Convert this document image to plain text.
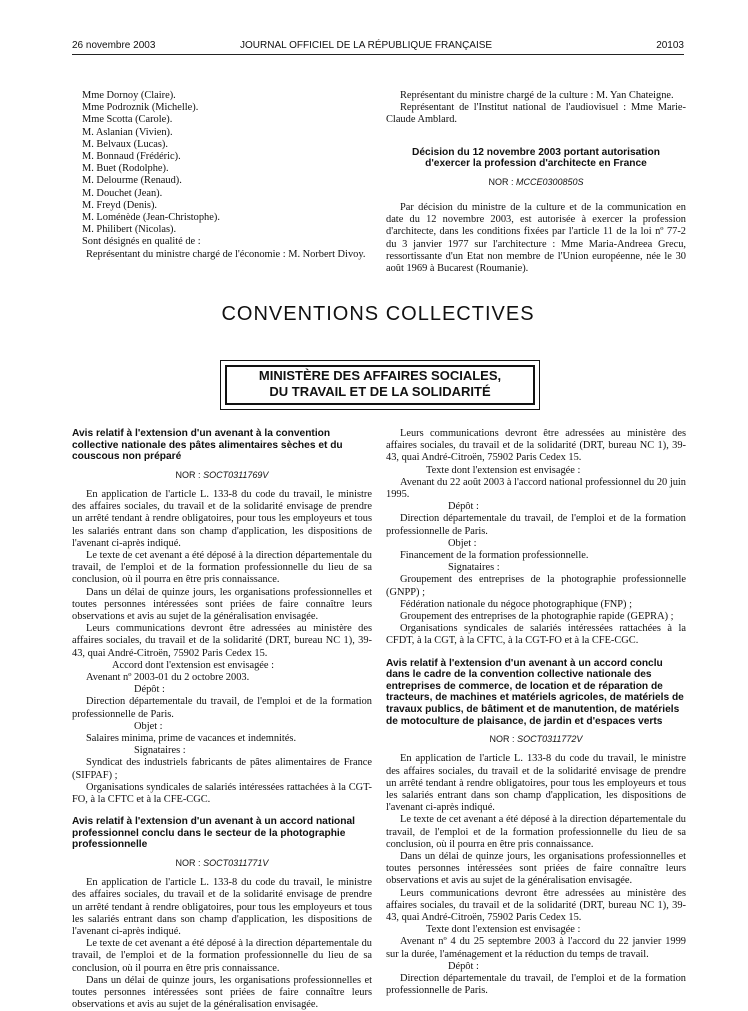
26 novembre 2003	JOURNAL OFFICIEL DE LA RÉPUBLIQUE FRANÇAISE	20103

Mme Dornoy (Claire).

Mme Podroznik (Michelle).

Mme Scotta (Carole).

M. Aslanian (Vivien).

M. Belvaux (Lucas).

M. Bonnaud (Frédéric).

M. Buet (Rodolphe).

M. Delourme (Renaud).

M. Douchet (Jean).

M. Freyd (Denis).

M. Loménède (Jean-Christophe).

M. Philibert (Nicolas).

Sont désignés en qualité de :

Représentant du ministre chargé de l'économie : M. Norbert Divoy.

Représentant du ministre chargé de la culture : M. Yan Chateigne.

Représentant de l'Institut national de l'audiovisuel : Mme Marie-Claude Amblard.

Décision du 12 novembre 2003 portant autorisation d'exercer la profession d'architecte en France
NOR : MCCE0300850S

Par décision du ministre de la culture et de la communication en date du 12 novembre 2003, est autorisée à exercer la profession d'architecte, dans les conditions fixées par l'article 11 de la loi nº 77-2 du 3 janvier 1977 sur l'architecture : Mme Maria-Andreea Grecu, ressortissante d'un Etat non membre de l'Union européenne, née le 30 août 1969 à Bucarest (Roumanie).

CONVENTIONS COLLECTIVES
MINISTÈRE DES AFFAIRES SOCIALES,
DU TRAVAIL ET DE LA SOLIDARITÉ
Avis relatif à l'extension d'un avenant à la convention collective nationale des pâtes alimentaires sèches et du couscous non préparé
NOR : SOCT0311769V

En application de l'article L. 133-8 du code du travail, le ministre des affaires sociales, du travail et de la solidarité envisage de prendre un arrêté tendant à rendre obligatoires, pour tous les employeurs et tous les salariés entrant dans son champ d'application, les dispositions de l'avenant ci-après indiqué.

Le texte de cet avenant a été déposé à la direction départementale du travail, de l'emploi et de la formation professionnelle du lieu de sa conclusion, où il pourra en être pris connaissance.

Dans un délai de quinze jours, les organisations professionnelles et toutes personnes intéressées sont priées de faire connaître leurs observations et avis au sujet de la généralisation envisagée.

Leurs communications devront être adressées au ministère des affaires sociales, du travail et de la solidarité (DRT, bureau NC 1), 39-43, quai André-Citroën, 75902 Paris Cedex 15.

Accord dont l'extension est envisagée :

Avenant nº 2003-01 du 2 octobre 2003.

Dépôt :

Direction départementale du travail, de l'emploi et de la formation professionnelle de Paris.

Objet :

Salaires minima, prime de vacances et indemnités.

Signataires :

Syndicat des industriels fabricants de pâtes alimentaires de France (SIFPAF) ;

Organisations syndicales de salariés intéressées rattachées à la CGT-FO, à la CFTC et à la CFE-CGC.

Avis relatif à l'extension d'un avenant à un accord national professionnel conclu dans le secteur de la photographie professionnelle
NOR : SOCT0311771V

En application de l'article L. 133-8 du code du travail, le ministre des affaires sociales, du travail et de la solidarité envisage de prendre un arrêté tendant à rendre obligatoires, pour tous les employeurs et tous les salariés entrant dans son champ d'application, les dispositions de l'avenant ci-après indiqué.

Le texte de cet avenant a été déposé à la direction départementale du travail, de l'emploi et de la formation professionnelle du lieu de sa conclusion, où il pourra en être pris connaissance.

Dans un délai de quinze jours, les organisations professionnelles et toutes personnes intéressées sont priées de faire connaître leurs observations et avis au sujet de la généralisation envisagée.

Leurs communications devront être adressées au ministère des affaires sociales, du travail et de la solidarité (DRT, bureau NC 1), 39-43, quai André-Citroën, 75902 Paris Cedex 15.

Texte dont l'extension est envisagée :

Avenant du 22 août 2003 à l'accord national professionnel du 20 juin 1995.

Dépôt :

Direction départementale du travail, de l'emploi et de la formation professionnelle de Paris.

Objet :

Financement de la formation professionnelle.

Signataires :

Groupement des entreprises de la photographie professionnelle (GNPP) ;

Fédération nationale du négoce photographique (FNP) ;

Groupement des entreprises de la photographie rapide (GEPRA) ;

Organisations syndicales de salariés intéressées rattachées à la CFDT, à la CGT, à la CFTC, à la CGT-FO et à la CFE-CGC.

Avis relatif à l'extension d'un avenant à un accord conclu dans le cadre de la convention collective nationale des entreprises de commerce, de location et de réparation de tracteurs, de machines et matériels agricoles, de matériels de travaux publics, de bâtiment et de manutention, de matériels de motoculture de plaisance, de jardin et d'espaces verts
NOR : SOCT0311772V

En application de l'article L. 133-8 du code du travail, le ministre des affaires sociales, du travail et de la solidarité envisage de prendre un arrêté tendant à rendre obligatoires, pour tous les employeurs et tous les salariés entrant dans son champ d'application, les dispositions de l'avenant ci-après indiqué.

Le texte de cet avenant a été déposé à la direction départementale du travail, de l'emploi et de la formation professionnelle du lieu de sa conclusion, où il pourra en être pris connaissance.

Dans un délai de quinze jours, les organisations professionnelles et toutes personnes intéressées sont priées de faire connaître leurs observations et avis au sujet de la généralisation envisagée.

Leurs communications devront être adressées au ministère des affaires sociales, du travail et de la solidarité (DRT, bureau NC 1), 39-43, quai André-Citroën, 75902 Paris Cedex 15.

Texte dont l'extension est envisagée :

Avenant nº 4 du 25 septembre 2003 à l'accord du 22 janvier 1999 sur la durée, l'aménagement et la réduction du temps de travail.

Dépôt :

Direction départementale du travail, de l'emploi et de la formation professionnelle de Paris.
